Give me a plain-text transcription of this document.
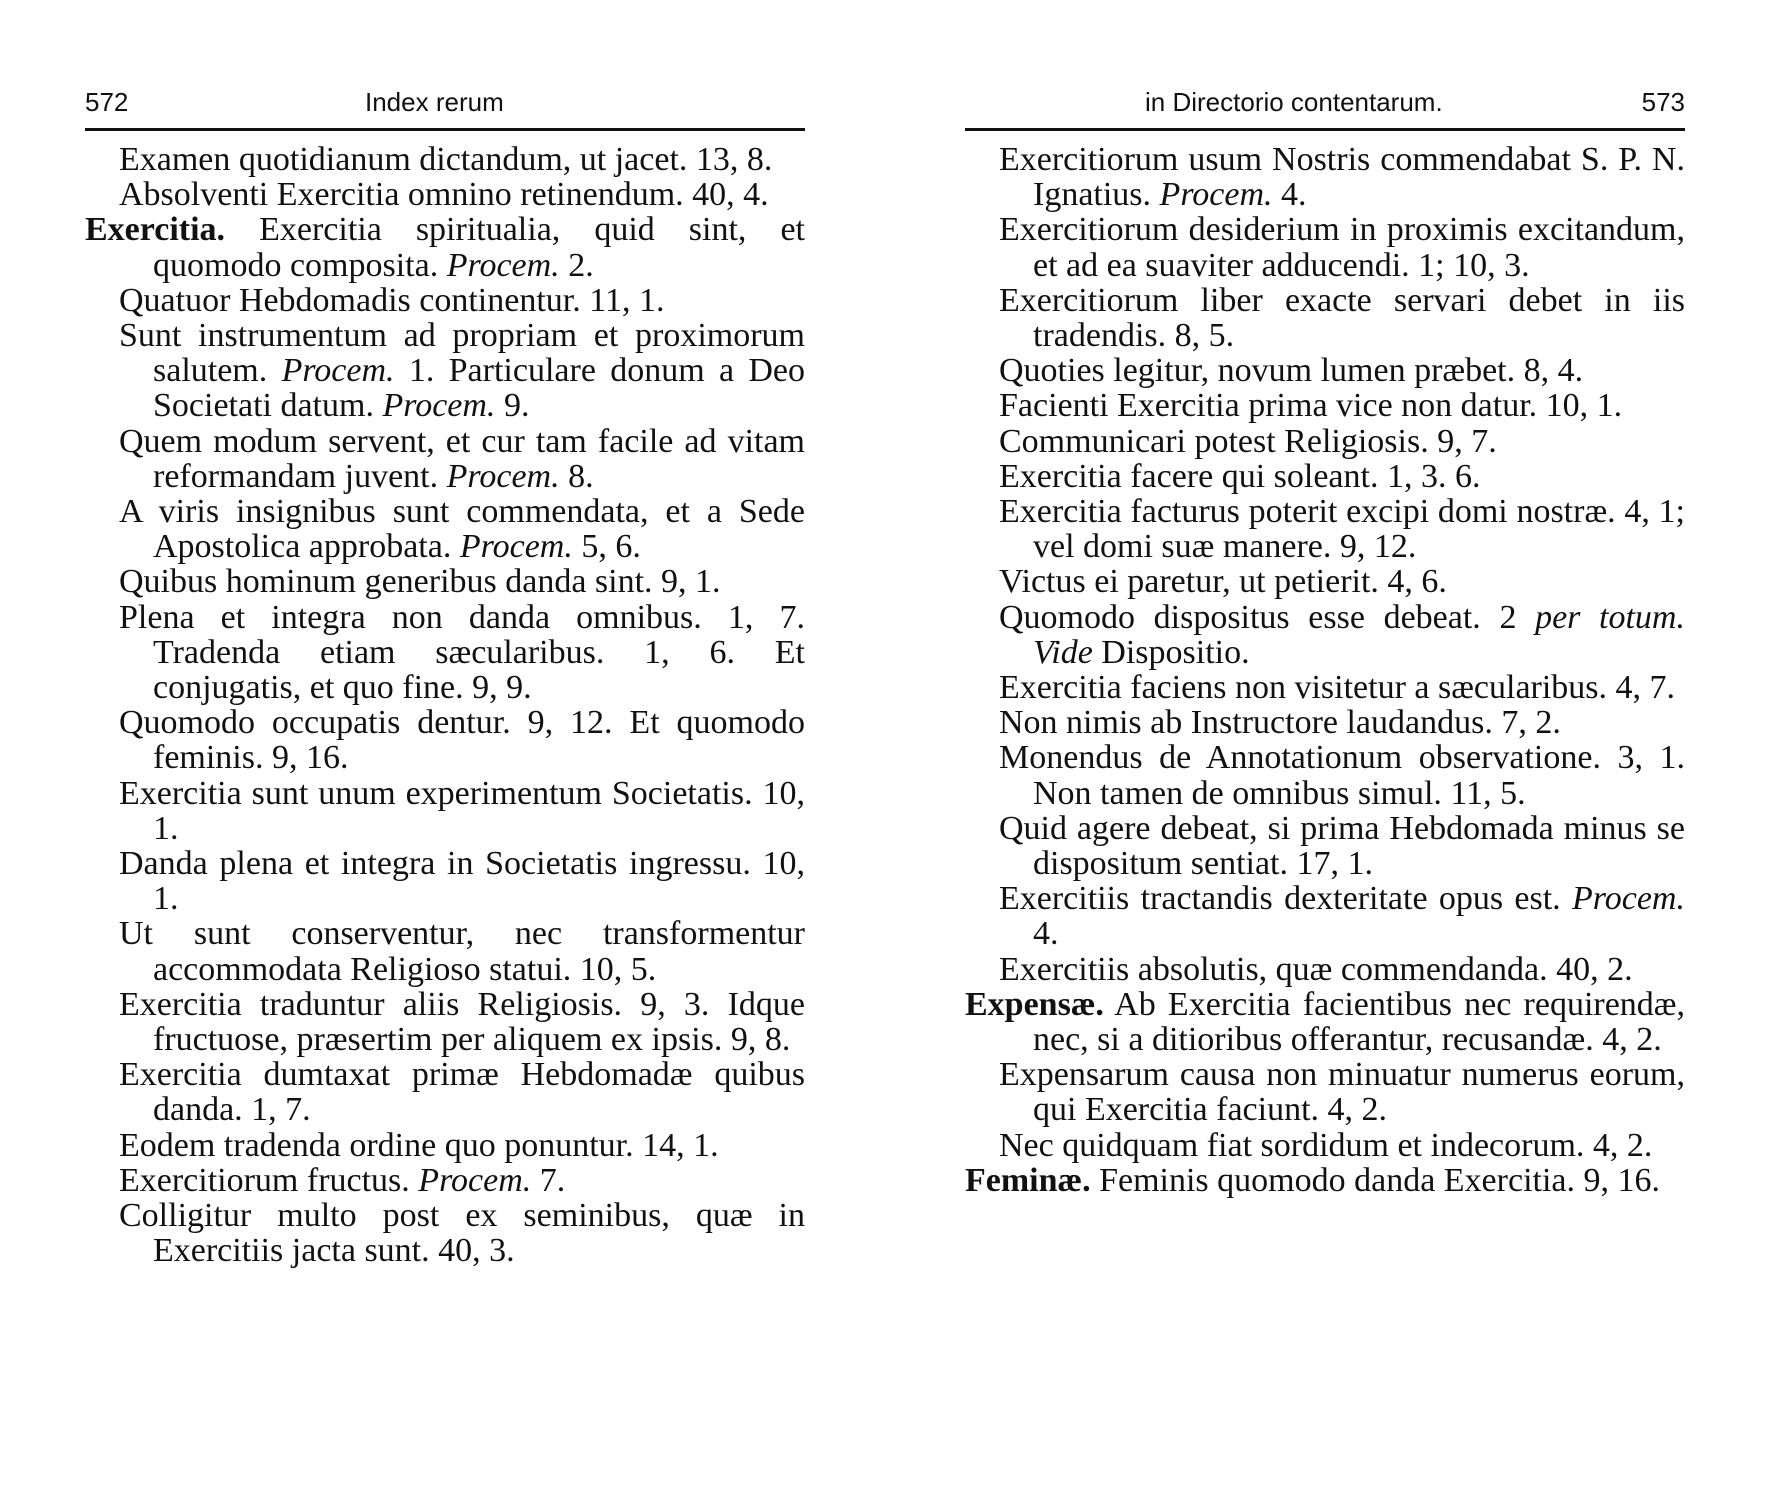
572	Index rerum
Examen quotidianum dictandum, ut jacet. 13, 8.
Absolventi Exercitia omnino retinendum. 40, 4.
Exercitia. Exercitia spiritualia, quid sint, et quomodo composita. Procem. 2.
Quatuor Hebdomadis continentur. 11, 1.
Sunt instrumentum ad propriam et proximorum salutem. Procem. 1. Particulare donum a Deo Societati datum. Procem. 9.
Quem modum servent, et cur tam facile ad vitam reformandam juvent. Procem. 8.
A viris insignibus sunt commendata, et a Sede Apostolica approbata. Procem. 5, 6.
Quibus hominum generibus danda sint. 9, 1.
Plena et integra non danda omnibus. 1, 7. Tradenda etiam sæcularibus. 1, 6. Et conjugatis, et quo fine. 9, 9.
Quomodo occupatis dentur. 9, 12. Et quomodo feminis. 9, 16.
Exercitia sunt unum experimentum Societatis. 10, 1.
Danda plena et integra in Societatis ingressu. 10, 1.
Ut sunt conserventur, nec transformentur accommodata Religioso statui. 10, 5.
Exercitia traduntur aliis Religiosis. 9, 3. Idque fructuose, præsertim per aliquem ex ipsis. 9, 8.
Exercitia dumtaxat primæ Hebdomadæ quibus danda. 1, 7.
Eodem tradenda ordine quo ponuntur. 14, 1.
Exercitiorum fructus. Procem. 7.
Colligitur multo post ex seminibus, quæ in Exercitiis jacta sunt. 40, 3.
in Directorio contentarum.	573
Exercitiorum usum Nostris commendabat S. P. N. Ignatius. Procem. 4.
Exercitiorum desiderium in proximis excitandum, et ad ea suaviter adducendi. 1; 10, 3.
Exercitiorum liber exacte servari debet in iis tradendis. 8, 5.
Quoties legitur, novum lumen præbet. 8, 4.
Facienti Exercitia prima vice non datur. 10, 1.
Communicari potest Religiosis. 9, 7.
Exercitia facere qui soleant. 1, 3. 6.
Exercitia facturus poterit excipi domi nostræ. 4, 1; vel domi suæ manere. 9, 12.
Victus ei paretur, ut petierit. 4, 6.
Quomodo dispositus esse debeat. 2 per totum. Vide Dispositio.
Exercitia faciens non visitetur a sæcularibus. 4, 7.
Non nimis ab Instructore laudandus. 7, 2.
Monendus de Annotationum observatione. 3, 1. Non tamen de omnibus simul. 11, 5.
Quid agere debeat, si prima Hebdomada minus se dispositum sentiat. 17, 1.
Exercitiis tractandis dexteritate opus est. Procem. 4.
Exercitiis absolutis, quæ commendanda. 40, 2.
Expensæ. Ab Exercitia facientibus nec requirendæ, nec, si a ditioribus offerantur, recusandæ. 4, 2.
Expensarum causa non minuatur numerus eorum, qui Exercitia faciunt. 4, 2.
Nec quidquam fiat sordidum et indecorum. 4, 2.
Feminæ. Feminis quomodo danda Exercitia. 9, 16.
